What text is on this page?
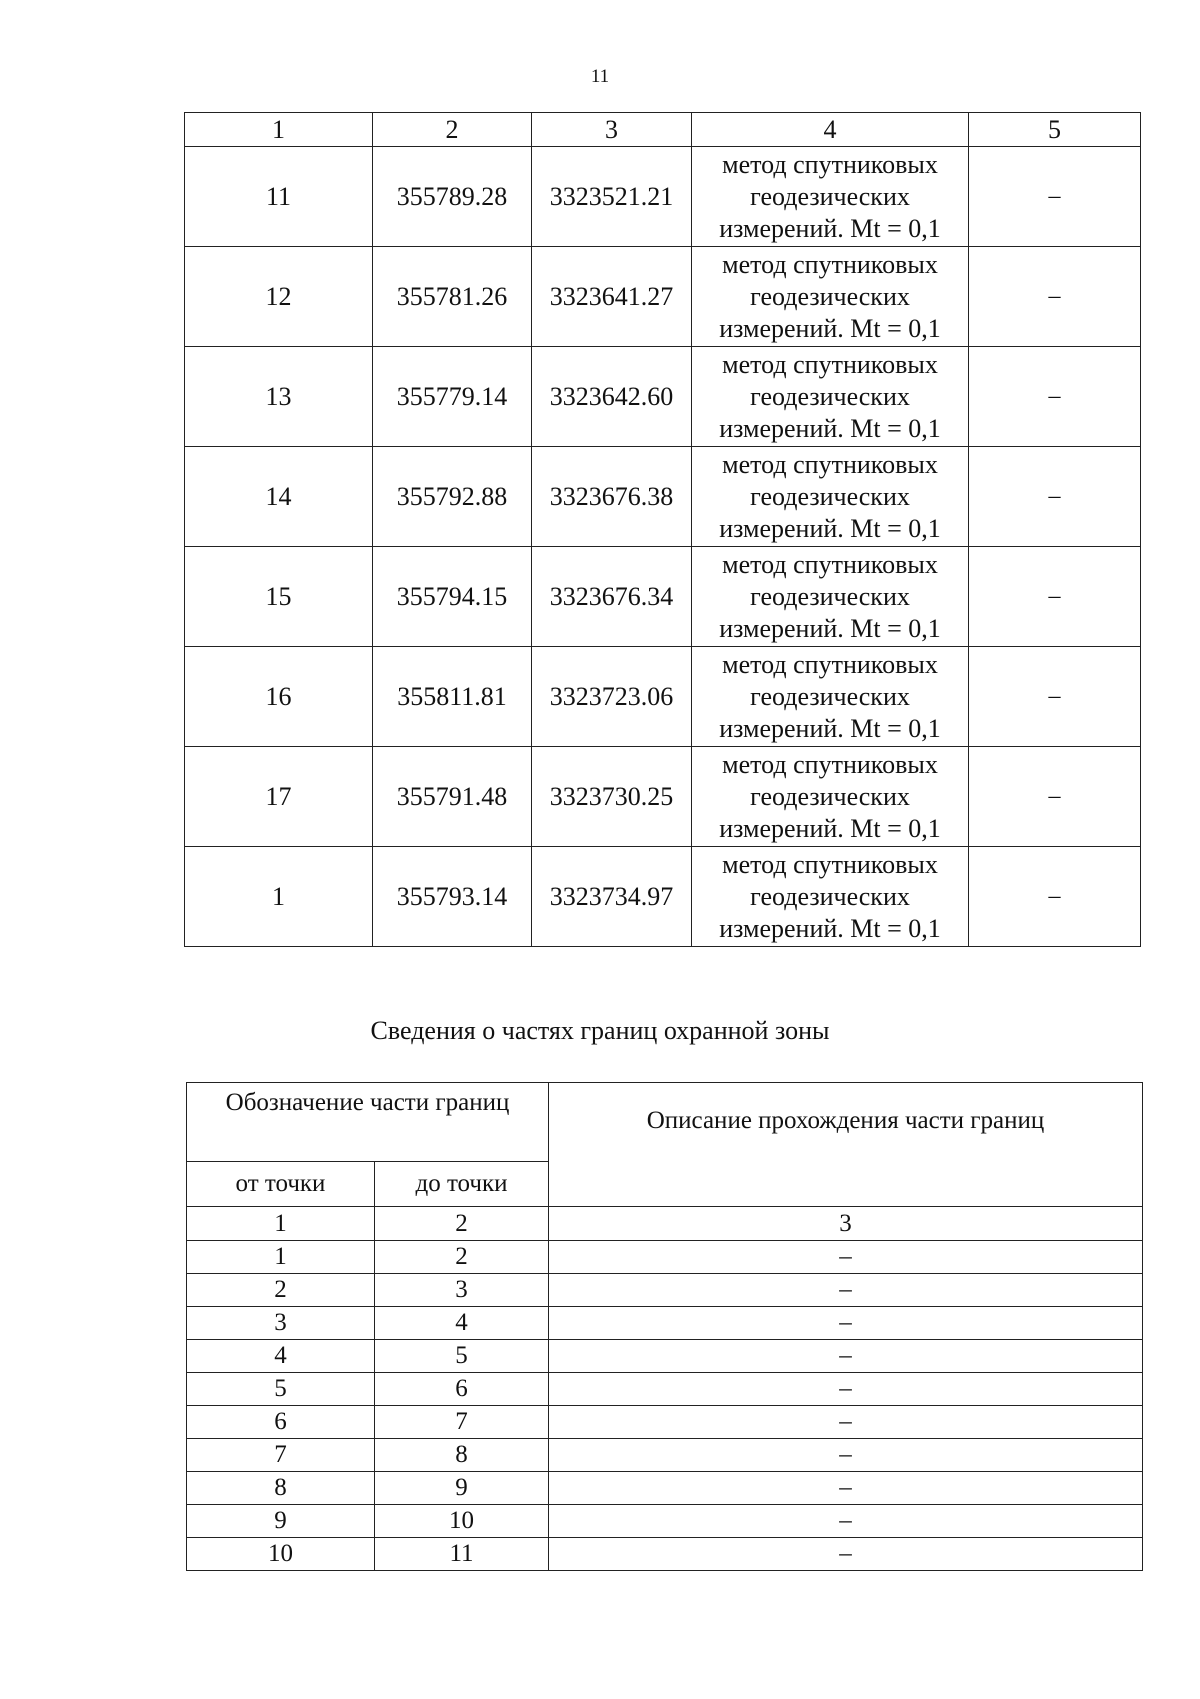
11
1	2	3	4	5
11	355789.28	3323521.21	метод спутниковых
геодезических
измерений. Mt = 0,1	–
12	355781.26	3323641.27	метод спутниковых
геодезических
измерений. Mt = 0,1	–
13	355779.14	3323642.60	метод спутниковых
геодезических
измерений. Mt = 0,1	–
14	355792.88	3323676.38	метод спутниковых
геодезических
измерений. Mt = 0,1	–
15	355794.15	3323676.34	метод спутниковых
геодезических
измерений. Mt = 0,1	–
16	355811.81	3323723.06	метод спутниковых
геодезических
измерений. Mt = 0,1	–
17	355791.48	3323730.25	метод спутниковых
геодезических
измерений. Mt = 0,1	–
1	355793.14	3323734.97	метод спутниковых
геодезических
измерений. Mt = 0,1	–
Сведения о частях границ охранной зоны
Обозначение части границ		Описание прохождения части границ
от точки	до точки	
1	2	3
1	2	–
2	3	–
3	4	–
4	5	–
5	6	–
6	7	–
7	8	–
8	9	–
9	10	–
10	11	–
